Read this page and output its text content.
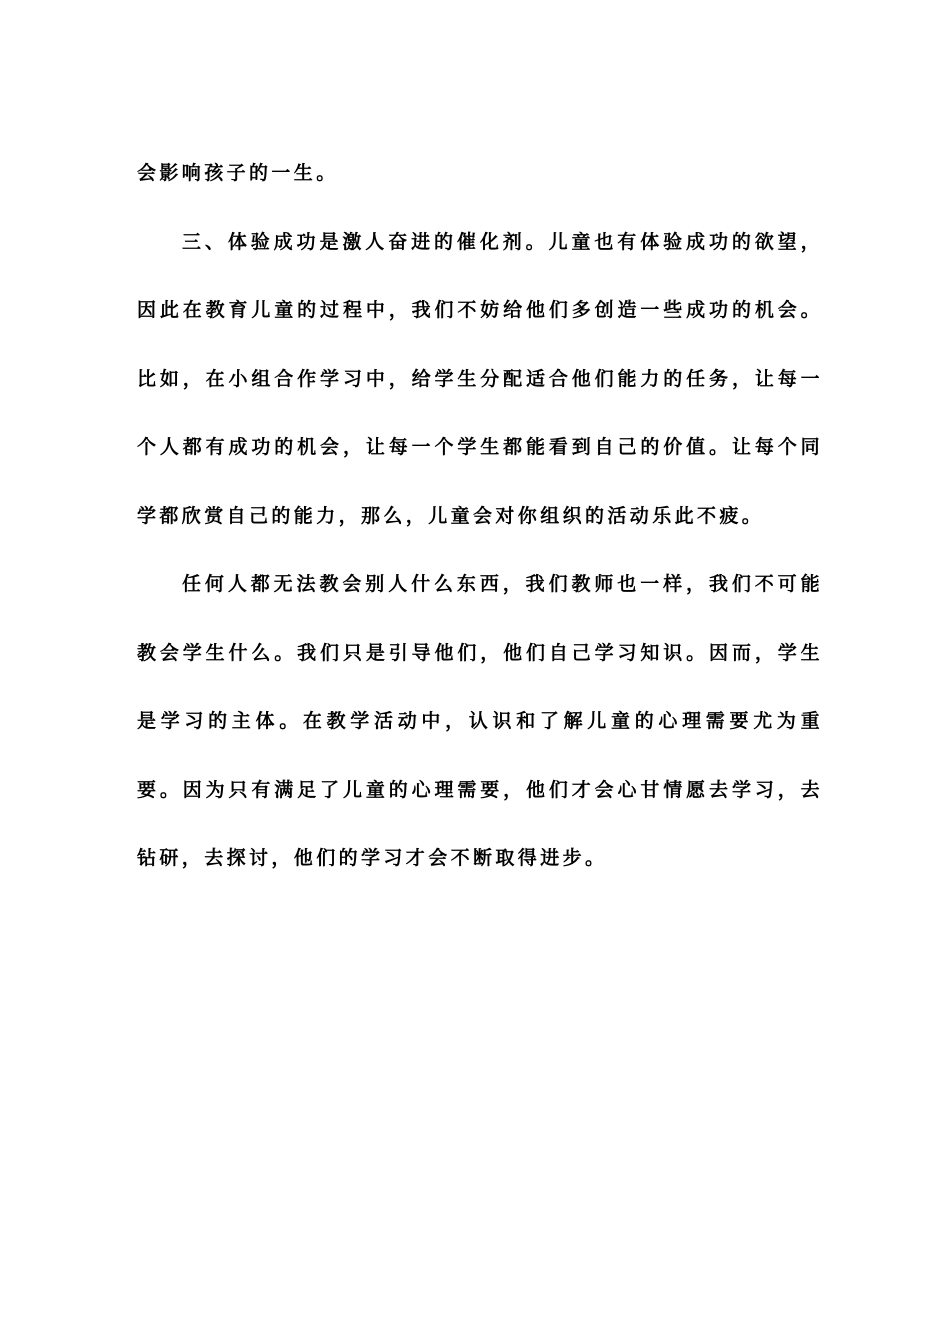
会影响孩子的一生。

三、体验成功是激人奋进的催化剂。儿童也有体验成功的欲望，因此在教育儿童的过程中，我们不妨给他们多创造一些成功的机会。比如，在小组合作学习中，给学生分配适合他们能力的任务，让每一个人都有成功的机会，让每一个学生都能看到自己的价值。让每个同学都欣赏自己的能力，那么，儿童会对你组织的活动乐此不疲。

任何人都无法教会别人什么东西，我们教师也一样，我们不可能教会学生什么。我们只是引导他们，他们自己学习知识。因而，学生是学习的主体。在教学活动中，认识和了解儿童的心理需要尤为重要。因为只有满足了儿童的心理需要，他们才会心甘情愿去学习，去钻研，去探讨，他们的学习才会不断取得进步。
